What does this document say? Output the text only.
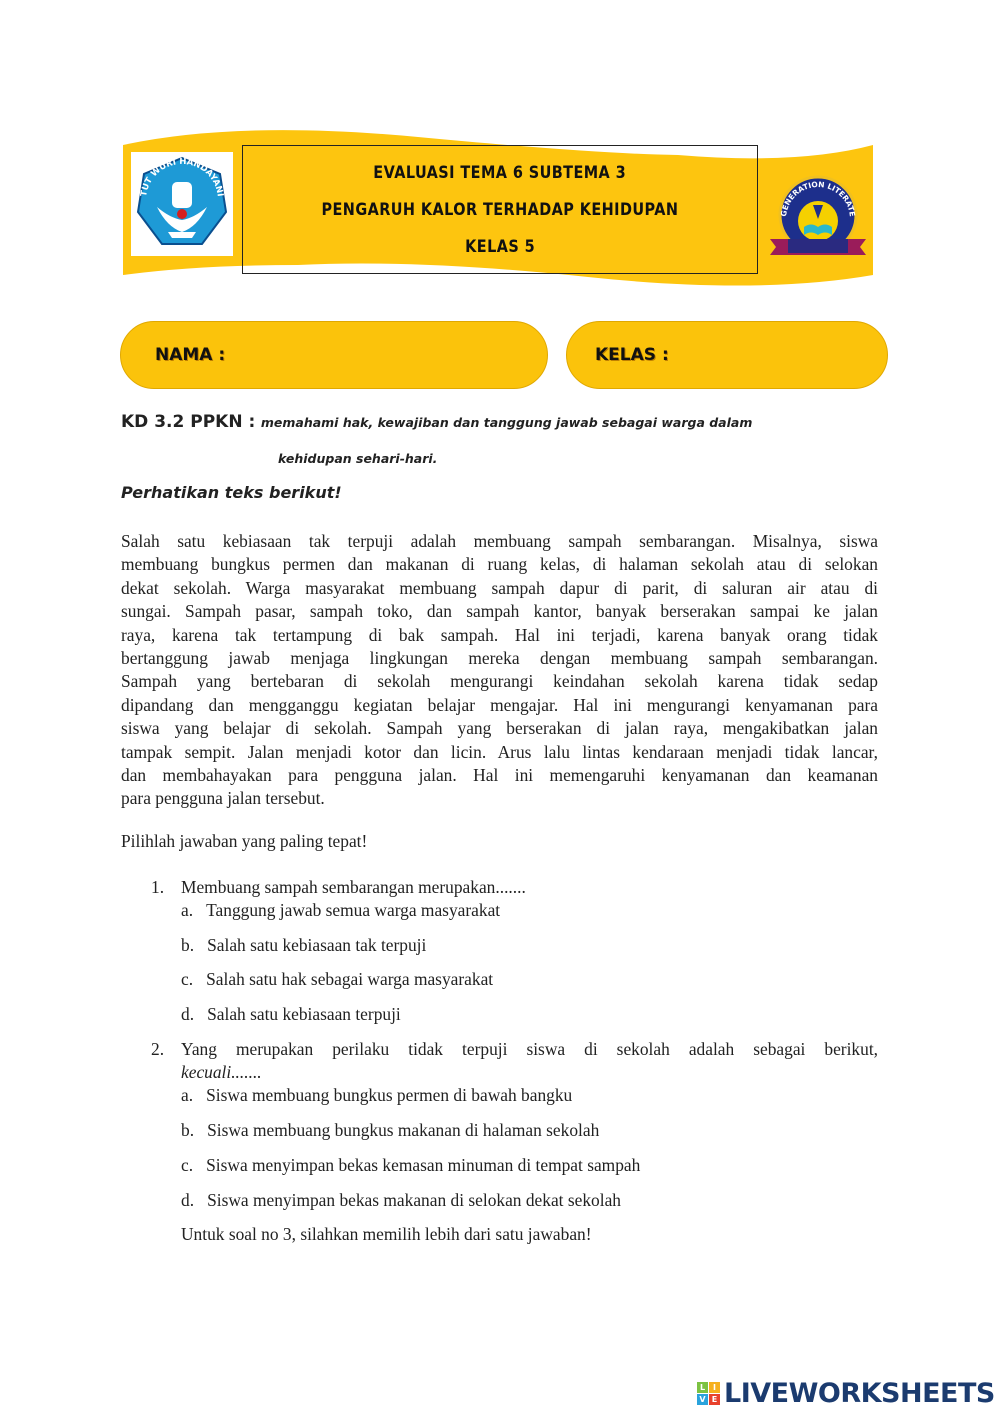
TUT WURI HANDAYANI
EVALUASI TEMA 6 SUBTEMA 3
PENGARUH KALOR TERHADAP KEHIDUPAN
KELAS 5
GENERATION LITERATE
NAMA :	KELAS :
KD 3.2 PPKN : memahami hak, kewajiban dan tanggung jawab sebagai warga dalam
kehidupan sehari-hari.
Perhatikan teks berikut!
Salah satu kebiasaan tak terpuji adalah membuang sampah sembarangan. Misalnya, siswa
membuang bungkus permen dan makanan di ruang kelas, di halaman sekolah atau di selokan
dekat sekolah. Warga masyarakat membuang sampah dapur di parit, di saluran air atau di
sungai. Sampah pasar, sampah toko, dan sampah kantor, banyak berserakan sampai ke jalan
raya, karena tak tertampung di bak sampah. Hal ini terjadi, karena banyak orang tidak
bertanggung jawab menjaga lingkungan mereka dengan membuang sampah sembarangan.
Sampah yang bertebaran di sekolah mengurangi keindahan sekolah karena tidak sedap
dipandang dan mengganggu kegiatan belajar mengajar. Hal ini mengurangi kenyamanan para
siswa yang belajar di sekolah. Sampah yang berserakan di jalan raya, mengakibatkan jalan
tampak sempit. Jalan menjadi kotor dan licin. Arus lalu lintas kendaraan menjadi tidak lancar,
dan membahayakan para pengguna jalan. Hal ini memengaruhi kenyamanan dan keamanan
para pengguna jalan tersebut.
Pilihlah jawaban yang paling tepat!
1. Membuang sampah sembarangan merupakan.......
a. Tanggung jawab semua warga masyarakat
b. Salah satu kebiasaan tak terpuji
c. Salah satu hak sebagai warga masyarakat
d. Salah satu kebiasaan terpuji
2. Yang merupakan perilaku tidak terpuji siswa di sekolah adalah sebagai berikut,
kecuali.......
a. Siswa membuang bungkus permen di bawah bangku
b. Siswa membuang bungkus makanan di halaman sekolah
c. Siswa menyimpan bekas kemasan minuman di tempat sampah
d. Siswa menyimpan bekas makanan di selokan dekat sekolah
Untuk soal no 3, silahkan memilih lebih dari satu jawaban!
L I
V E LIVEWORKSHEETS
